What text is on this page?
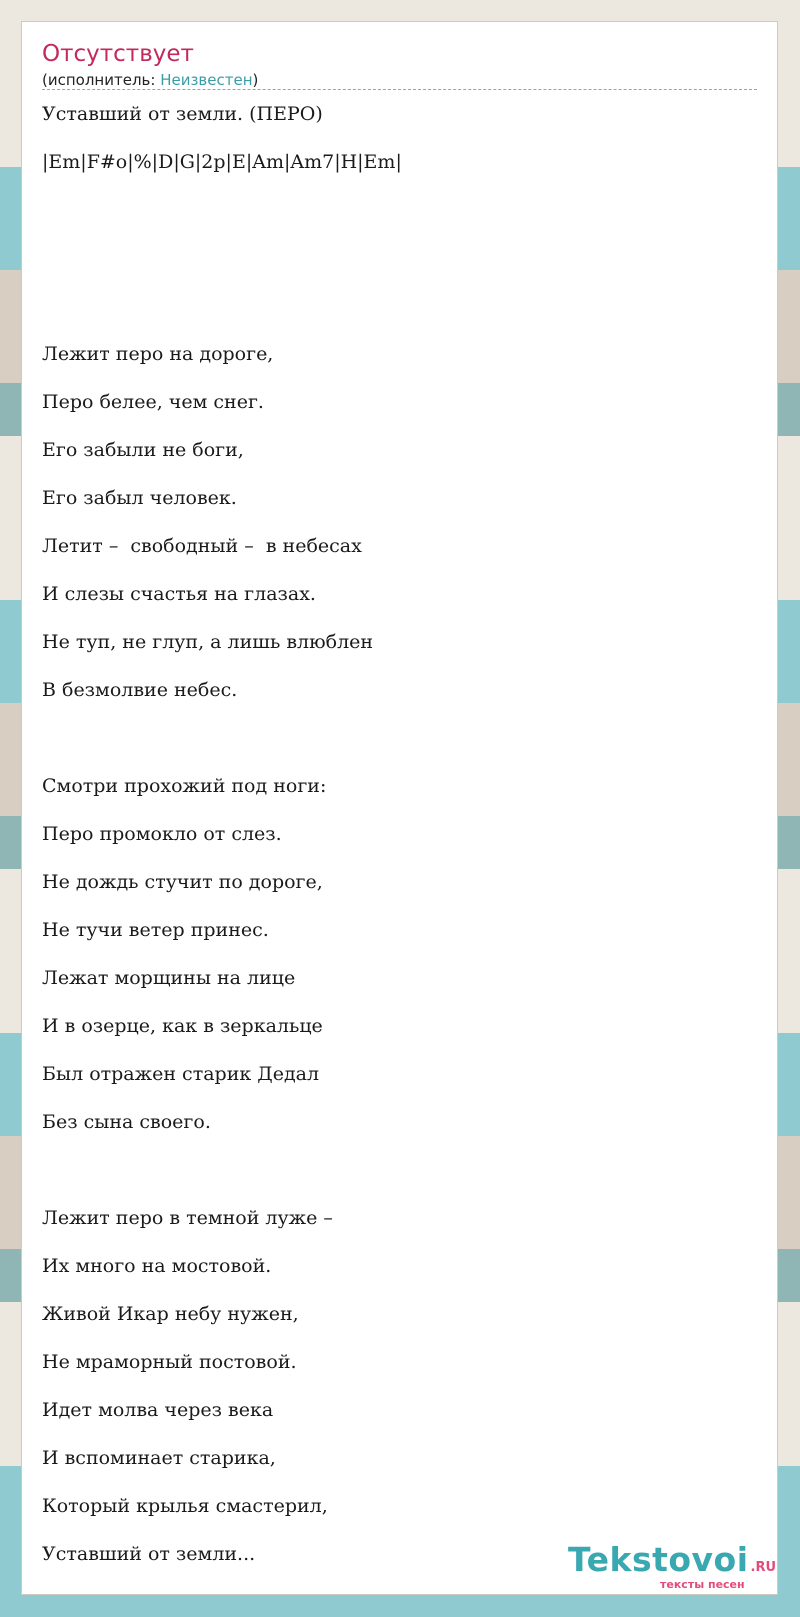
Отсутствует
(исполнитель: Неизвестен)
Уставший от земли. (ПЕРО)
|Em|F#o|%|D|G|2p|E|Am|Am7|H|Em|
Лежит перо на дороге,
Перо белее, чем снег.
Его забыли не боги,
Его забыл человек.
Летит –  свободный –  в небесах
И слезы счастья на глазах.
Не туп, не глуп, а лишь влюблен
В безмолвие небес.
Смотри прохожий под ноги:
Перо промокло от слез.
Не дождь стучит по дороге,
Не тучи ветер принес.
Лежат морщины на лице
И в озерце, как в зеркальце
Был отражен старик Дедал
Без сына своего.
Лежит перо в темной луже –
Их много на мостовой.
Живой Икар небу нужен,
Не мраморный постовой.
Идет молва через века
И вспоминает старика,
Который крылья смастерил,
Уставший от земли...	Tekstovoi .RU
тексты песен
